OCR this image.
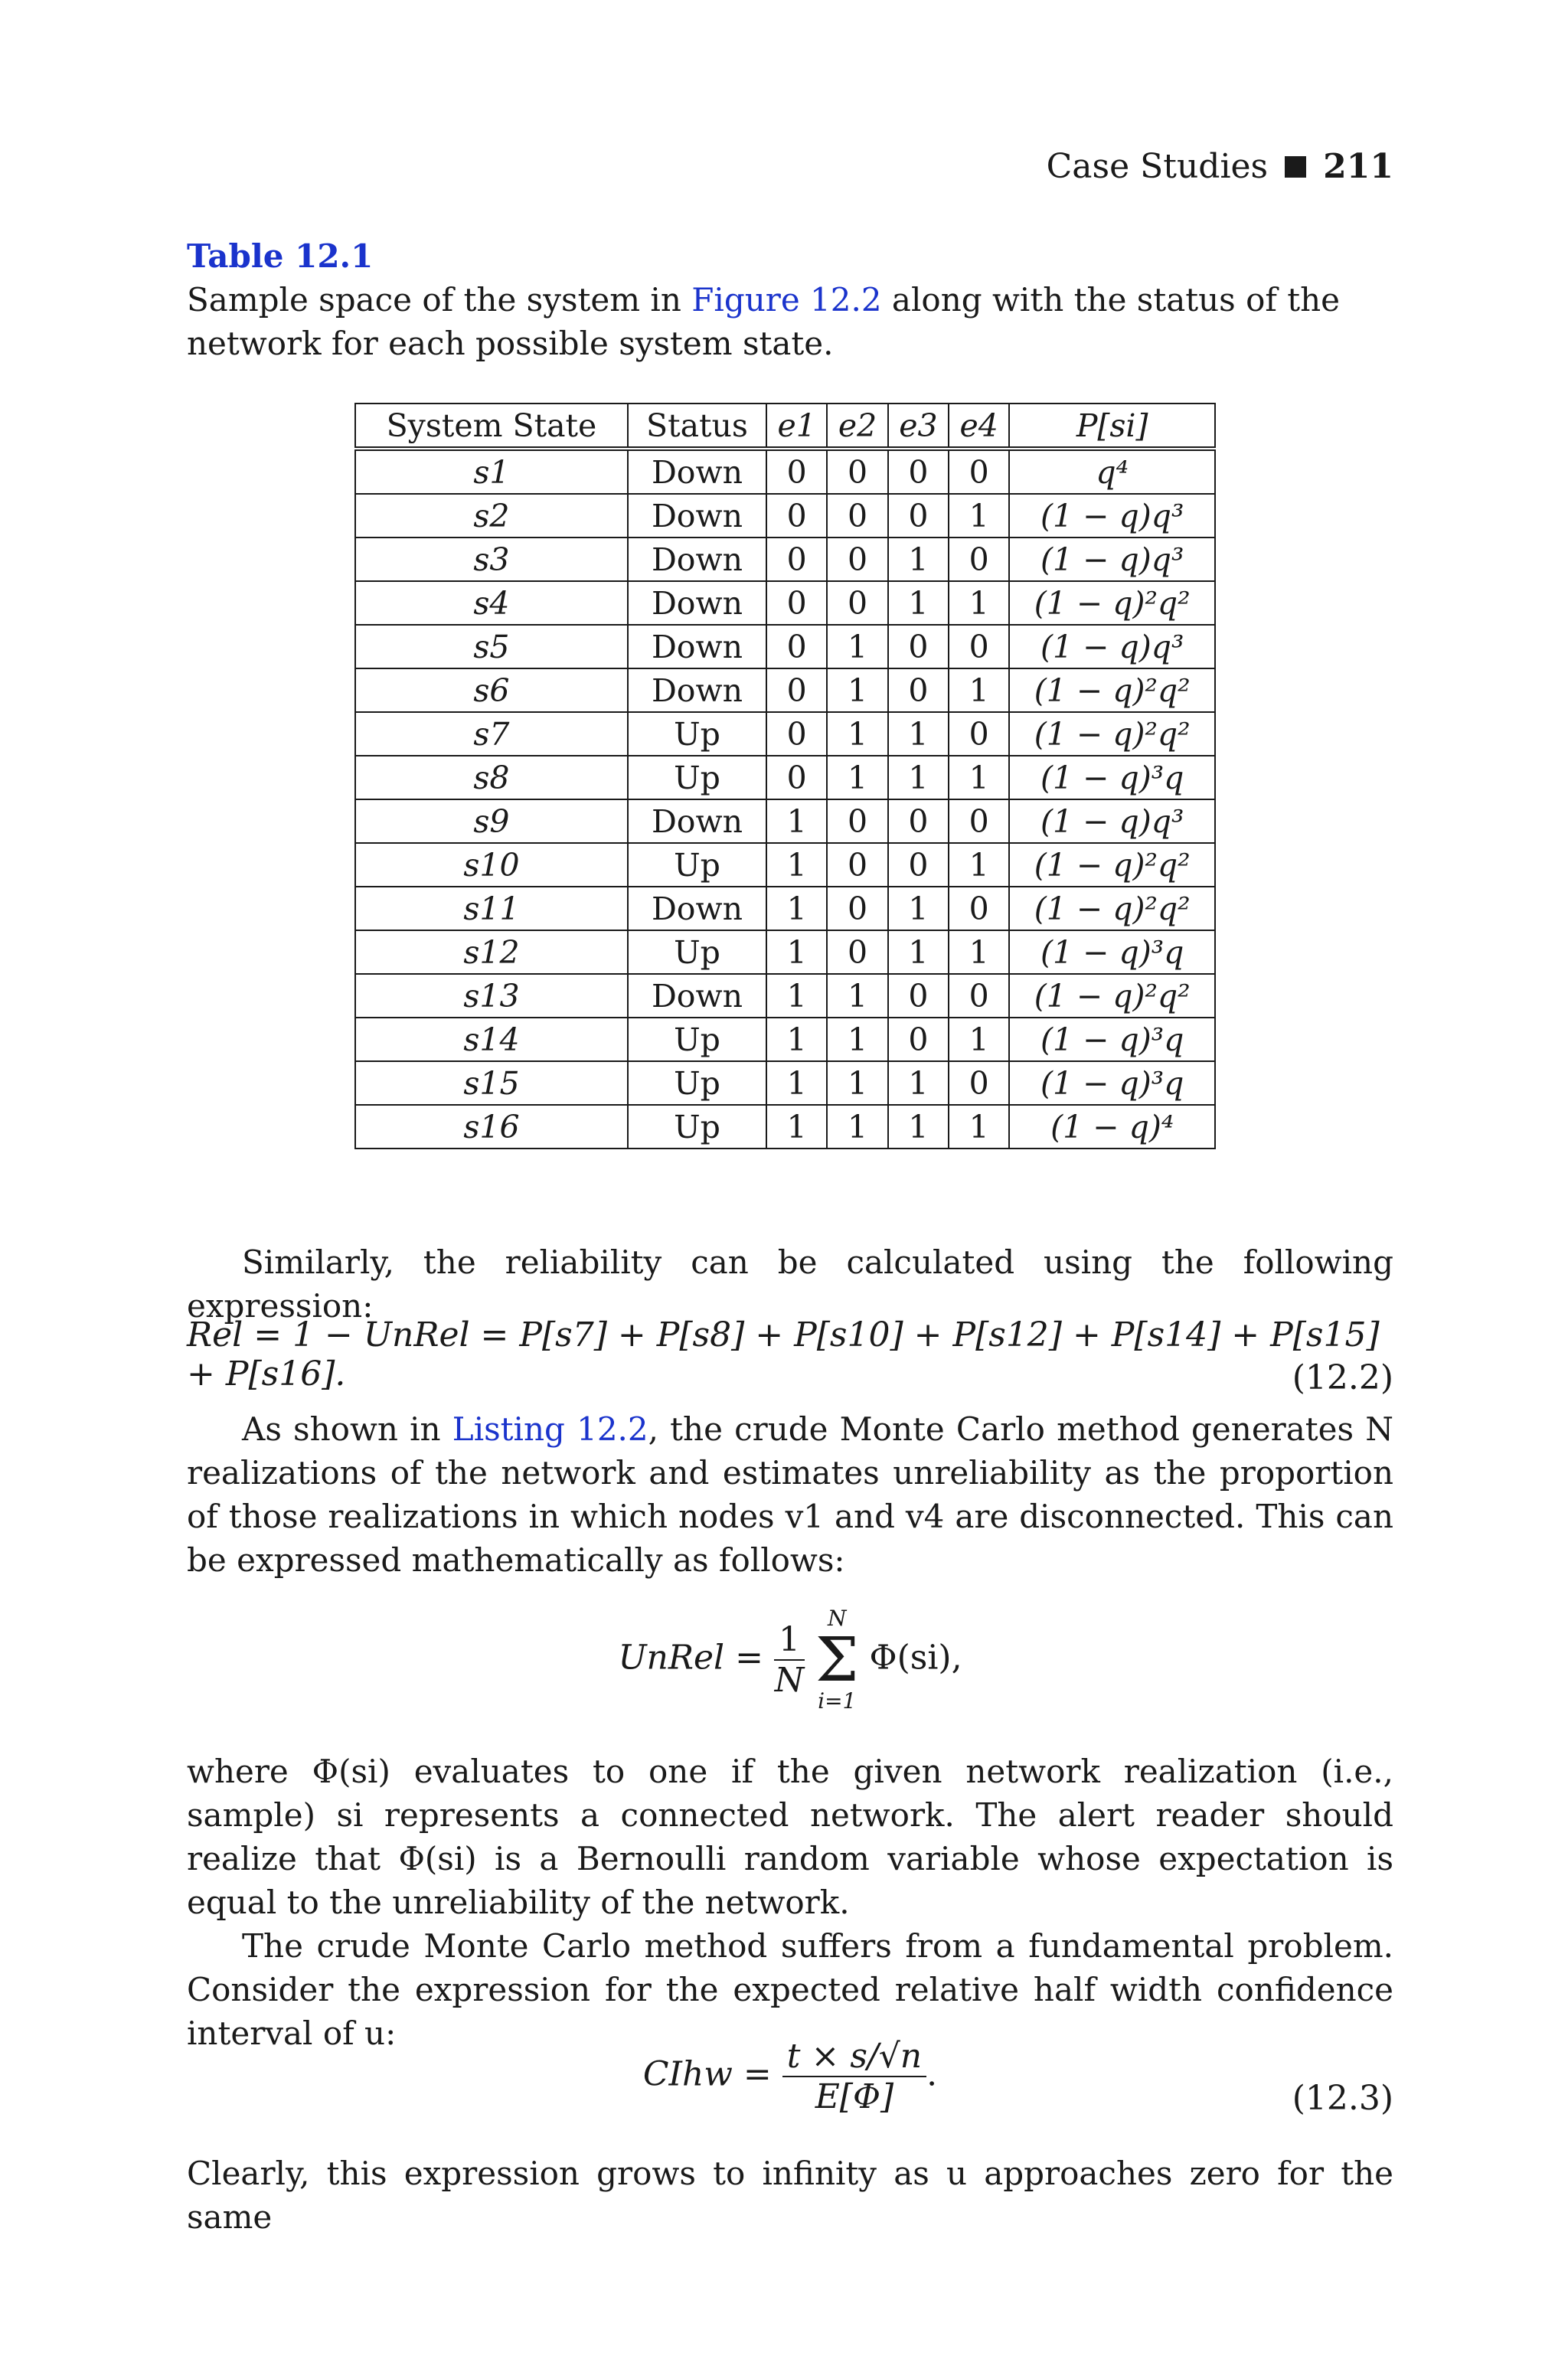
Case Studies 211
Table 12.1
Sample space of the system in Figure 12.2 along with the status of the network for each possible system state.
System State	Status	e1	e2	e3	e4	P[si]
s1	Down	0	0	0	0	q⁴
s2	Down	0	0	0	1	(1 − q)q³
s3	Down	0	0	1	0	(1 − q)q³
s4	Down	0	0	1	1	(1 − q)²q²
s5	Down	0	1	0	0	(1 − q)q³
s6	Down	0	1	0	1	(1 − q)²q²
s7	Up	0	1	1	0	(1 − q)²q²
s8	Up	0	1	1	1	(1 − q)³q
s9	Down	1	0	0	0	(1 − q)q³
s10	Up	1	0	0	1	(1 − q)²q²
s11	Down	1	0	1	0	(1 − q)²q²
s12	Up	1	0	1	1	(1 − q)³q
s13	Down	1	1	0	0	(1 − q)²q²
s14	Up	1	1	0	1	(1 − q)³q
s15	Up	1	1	1	0	(1 − q)³q
s16	Up	1	1	1	1	(1 − q)⁴
Similarly, the reliability can be calculated using the following expression:
Rel = 1 − UnRel = P[s7] + P[s8] + P[s10] + P[s12] + P[s14] + P[s15] + P[s16].	(12.2)
As shown in Listing 12.2, the crude Monte Carlo method generates N realizations of the network and estimates unreliability as the proportion of those realizations in which nodes v1 and v4 are disconnected. This can be expressed mathematically as follows:
UnRel = $\frac{1}{N}$

N
Σ
i=1
Φ(si),
where Φ(si) evaluates to one if the given network realization (i.e., sample) si represents a connected network. The alert reader should realize that Φ(si) is a Bernoulli random variable whose expectation is equal to the unreliability of the network.
The crude Monte Carlo method suffers from a fundamental problem. Consider the expression for the expected relative half width confidence interval of u:
CIhw = $\frac{t \times s/√n}{E[\Phi]}$ .
(12.3)
Clearly, this expression grows to infinity as u approaches zero for the same
